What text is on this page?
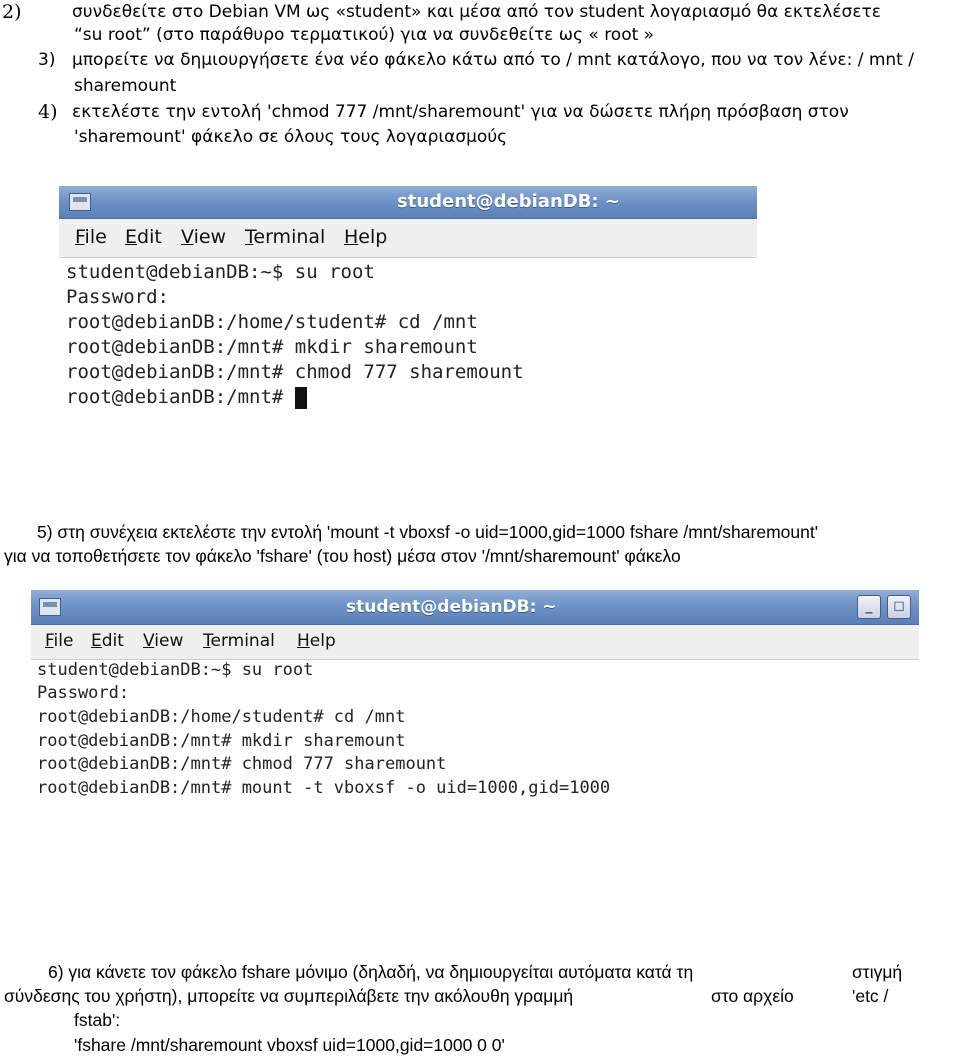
2)	συνδεθείτε στο Debian VM ως «student» και μέσα από τον student λογαριασμό θα εκτελέσετε
“su root” (στο παράθυρο τερματικού) για να συνδεθείτε ως « root »
3) μπορείτε να δημιουργήσετε ένα νέο φάκελο κάτω από το / mnt κατάλογο, που να τον λένε: / mnt /
sharemount
4) εκτελέστε την εντολή 'chmod 777 /mnt/sharemount' για να δώσετε πλήρη πρόσβαση στον
'sharemount' φάκελο σε όλους τους λογαριασμούς
student@debianDB: ~
File Edit View Terminal Help
student@debianDB:~$ su root
Password:
root@debianDB:/home/student# cd /mnt
root@debianDB:/mnt# mkdir sharemount
root@debianDB:/mnt# chmod 777 sharemount
root@debianDB:/mnt#
5) στη συνέχεια εκτελέστε την εντολή 'mount -t vboxsf -o uid=1000,gid=1000 fshare /mnt/sharemount'
για να τοποθετήσετε τον φάκελο 'fshare' (του host) μέσα στον '/mnt/sharemount' φάκελο
student@debianDB: ~	_	◻
File Edit View Terminal Help
student@debianDB:~$ su root
Password:
root@debianDB:/home/student# cd /mnt
root@debianDB:/mnt# mkdir sharemount
root@debianDB:/mnt# chmod 777 sharemount
root@debianDB:/mnt# mount -t vboxsf -o uid=1000,gid=1000
6) για κάνετε τον φάκελο fshare μόνιμο (δηλαδή, να δημιουργείται αυτόματα κατά τη	στιγμή
σύνδεσης του χρήστη), μπορείτε να συμπεριλάβετε την ακόλουθη γραμμή	στο αρχείο	'etc /
fstab':
'fshare /mnt/sharemount vboxsf uid=1000,gid=1000 0 0'
